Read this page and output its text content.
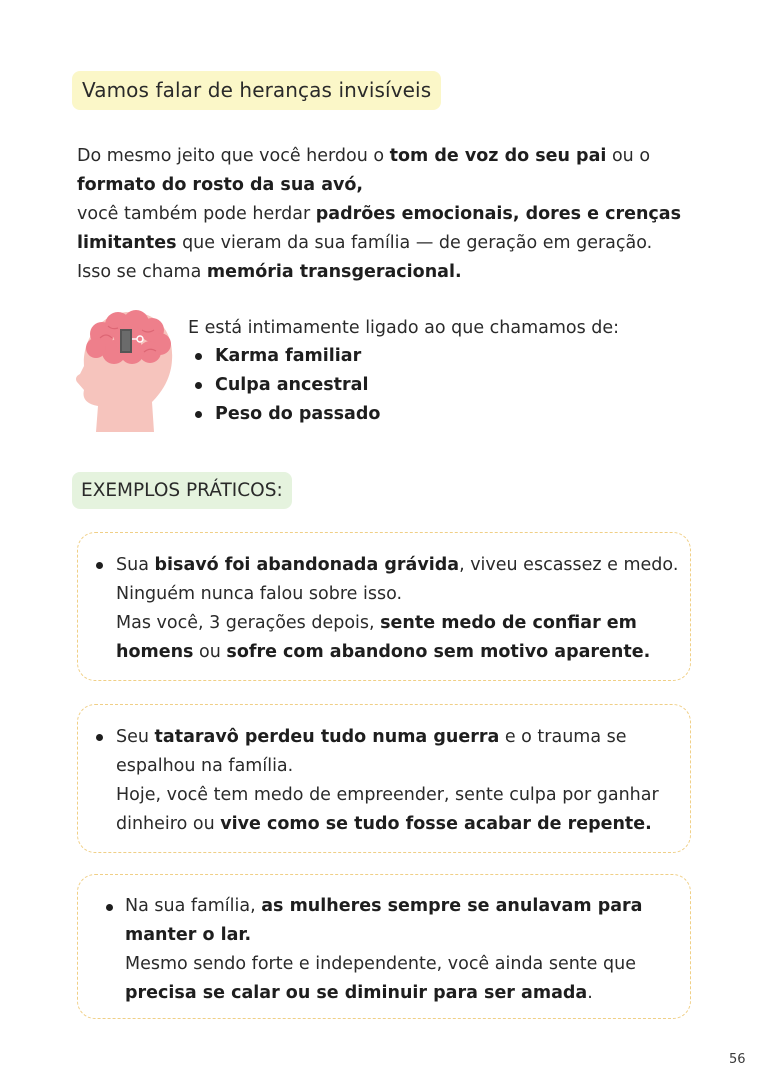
Vamos falar de heranças invisíveis
Do mesmo jeito que você herdou o tom de voz do seu pai ou o
formato do rosto da sua avó,
você também pode herdar padrões emocionais, dores e crenças
limitantes que vieram da sua família — de geração em geração.
Isso se chama memória transgeracional.
E está intimamente ligado ao que chamamos de:
Karma familiar
Culpa ancestral
Peso do passado
EXEMPLOS PRÁTICOS:

Sua bisavó foi abandonada grávida, viveu escassez e medo.

Ninguém nunca falou sobre isso.

Mas você, 3 gerações depois, sente medo de confiar em

homens ou sofre com abandono sem motivo aparente.

Seu tataravô perdeu tudo numa guerra e o trauma se

espalhou na família.

Hoje, você tem medo de empreender, sente culpa por ganhar

dinheiro ou vive como se tudo fosse acabar de repente.

Na sua família, as mulheres sempre se anulavam para

manter o lar.

Mesmo sendo forte e independente, você ainda sente que

precisa se calar ou se diminuir para ser amada.

56
